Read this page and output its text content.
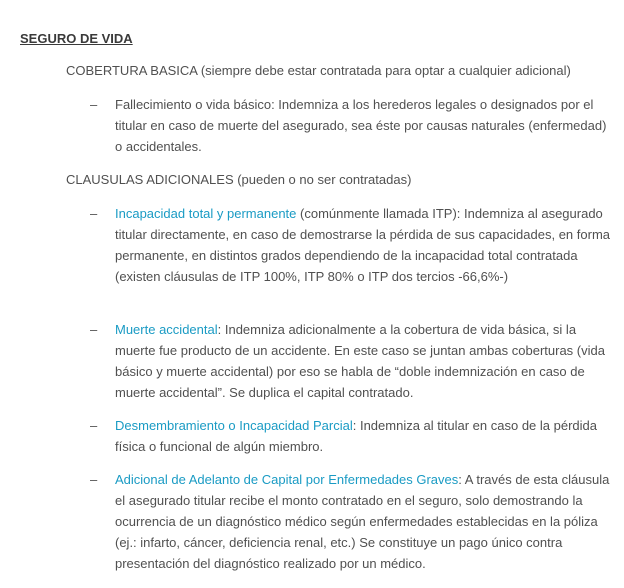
SEGURO DE VIDA
COBERTURA BASICA (siempre debe estar contratada para optar a cualquier adicional)
–	Fallecimiento o vida básico: Indemniza a los herederos legales o designados por el titular en caso de muerte del asegurado, sea éste por causas naturales (enfermedad) o accidentales.
CLAUSULAS ADICIONALES (pueden o no ser contratadas)
–	Incapacidad total y permanente (comúnmente llamada ITP): Indemniza al asegurado titular directamente, en caso de demostrarse la pérdida de sus capacidades, en forma permanente, en distintos grados dependiendo de la incapacidad total contratada (existen cláusulas de ITP 100%, ITP 80% o ITP dos tercios -66,6%-)
–	Muerte accidental: Indemniza adicionalmente a la cobertura de vida básica, si la muerte fue producto de un accidente. En este caso se juntan ambas coberturas (vida básico y muerte accidental) por eso se habla de “doble indemnización en caso de muerte accidental”. Se duplica el capital contratado.
–	Desmembramiento o Incapacidad Parcial: Indemniza al titular en caso de la pérdida física o funcional de algún miembro.
–	Adicional de Adelanto de Capital por Enfermedades Graves: A través de esta cláusula el asegurado titular recibe el monto contratado en el seguro, solo demostrando la ocurrencia de un diagnóstico médico según enfermedades establecidas en la póliza (ej.: infarto, cáncer, deficiencia renal, etc.) Se constituye un pago único contra presentación del diagnóstico realizado por un médico.
